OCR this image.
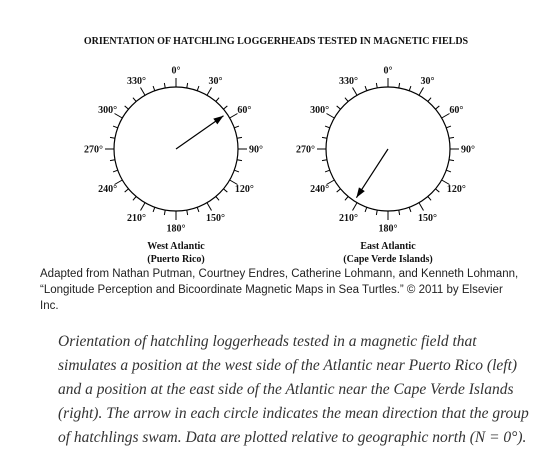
ORIENTATION OF HATCHLING LOGGERHEADS TESTED IN MAGNETIC FIELDS
West Atlantic
(Puerto Rico)
0°
30°
60°
90°
120°
150°
180°
210°
240°
270°
300°
330°
East Atlantic
(Cape Verde Islands)
0°
30°
60°
90°
120°
150°
180°
210°
240°
270°
300°
330°
Adapted from Nathan Putman, Courtney Endres, Catherine Lohmann, and Kenneth Lohmann,
“Longitude Perception and Bicoordinate Magnetic Maps in Sea Turtles.” © 2011 by Elsevier Inc.
Orientation of hatchling loggerheads tested in a magnetic field that simulates a position at the west side of the Atlantic near Puerto Rico (left) and a position at the east side of the Atlantic near the Cape Verde Islands (right). The arrow in each circle indicates the mean direction that the group of hatchlings swam. Data are plotted relative to geographic north (N = 0°).
